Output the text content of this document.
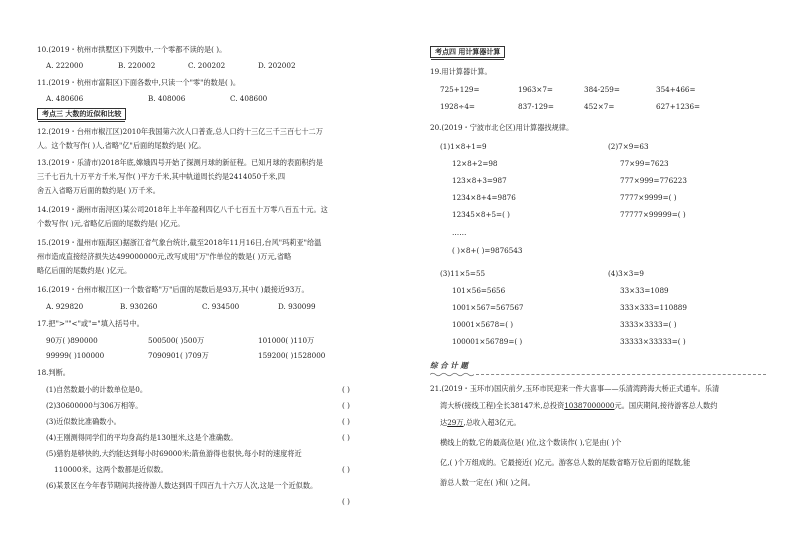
10.(2019・杭州市拱墅区)下列数中,一个零都不读的是( )。
A. 222000	B. 220002	C. 200202	D. 202002
11.(2019・杭州市富阳区)下面各数中,只读一个"零"的数是( )。
A. 480606	B. 408006	C. 408600
考点三 大数的近似和比较
12.(2019・台州市椒江区)2010年我国第六次人口普查,总人口约十三亿三千三百七十二万
人。这个数写作( )人,省略"亿"后面的尾数约是( )亿。
13.(2019・乐清市)2018年底,嫦娥四号开始了探测月球的新征程。已知月球的表面积约是
三千七百九十万平方千米,写作( )平方千米,其中轨道周长约是2414050千米,四
舍五入省略万后面的数约是( )万千米。
14.(2019・湖州市南浔区)某公司2018年上半年盈利四亿八千七百五十万零八百五十元。这
个数写作( )元,省略亿后面的尾数约是( )亿元。
15.(2019・温州市瓯海区)据浙江省气象台统计,截至2018年11月16日,台风"玛莉亚"给温
州市造成直接经济损失达499000000元,改写成用"万"作单位的数是( )万元,省略
略亿后面的尾数约是( )亿元。
16.(2019・台州市椒江区)一个数省略"万"后面的尾数后是93万,其中( )最接近93万。
A. 929820	B. 930260	C. 934500	D. 930099
17.把">""<"或"="填入括号中。
90万( )890000	500500( )500万	101000( )110万
99999( )100000	7090901( )709万	159200( )1528000
18.判断。
(1)自然数最小的计数单位是0。	( )
(2)30600000与306万相等。	( )
(3)近似数比准确数小。	( )
(4)王刚测得同学们的平均身高约是130厘米,这是个准确数。	( )
(5)猎豹是够快的,大约能达到每小时69000米;箭鱼游得也很快,每小时的速度将近
110000米。这两个数都是近似数。	( )
(6)某景区在今年春节期间共接待游人数达到四千四百九十六万人次,这是一个近似数。
( )
考点四 用计算器计算
19.用计算器计算。
725+129=	1963×7=	384-259=	354+466=
1928÷4=	837-129=	452×7=	627+1236=
20.(2019・宁波市北仑区)用计算器找规律。
(1)1×8+1=9
12×8+2=98
123×8+3=987
1234×8+4=9876
12345×8+5=( )
……
( )×8+( )=9876543
(2)7×9=63
77×99=7623
777×999=776223
7777×9999=( )
77777×99999=( )
(3)11×5=55
101×56=5656
1001×567=567567
10001×5678=( )
100001×56789=( )
(4)3×3=9
33×33=1089
333×333=110889
3333×3333=( )
33333×33333=( )
综 合 计 题
21.(2019・玉环市)国庆前夕,玉环市民迎来一件大喜事——乐清湾跨海大桥正式通车。乐清
湾大桥(接线工程)全长38147米,总投资10387000000元。国庆期间,接待游客总人数约
达29万,总收入超3亿元。
横线上的数,它的最高位是( )位,这个数读作( ),它是由( )个
亿,( )个万组成的。它最接近( )亿元。游客总人数的尾数省略万位后面的尾数,能
游总人数一定在( )和( )之间。
